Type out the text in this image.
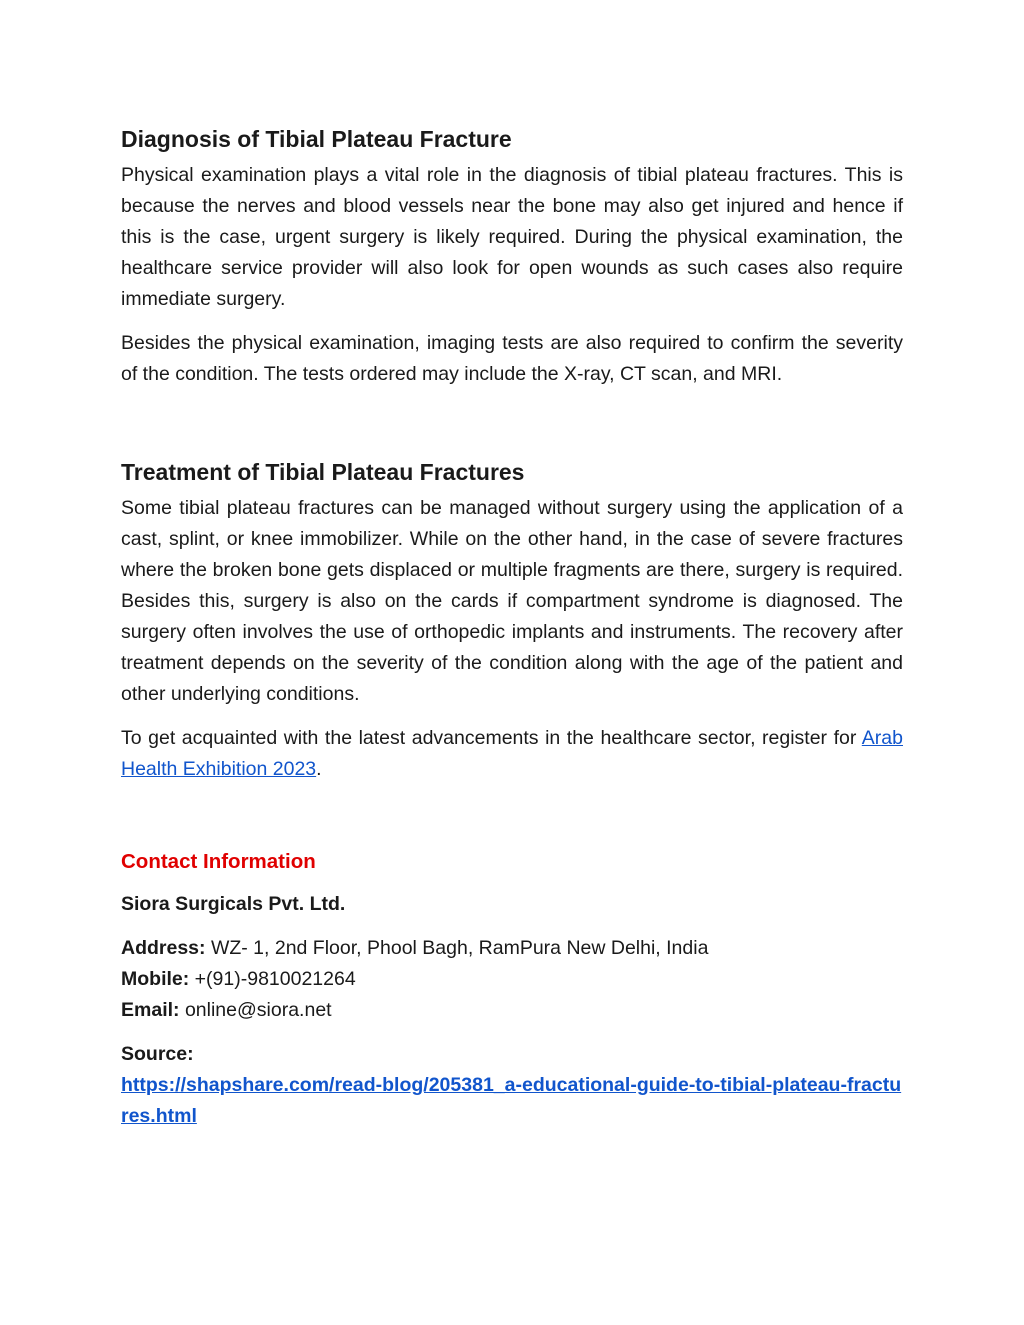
Diagnosis of Tibial Plateau Fracture

Physical examination plays a vital role in the diagnosis of tibial plateau fractures. This is because the nerves and blood vessels near the bone may also get injured and hence if this is the case, urgent surgery is likely required. During the physical examination, the healthcare service provider will also look for open wounds as such cases also require immediate surgery.

Besides the physical examination, imaging tests are also required to confirm the severity of the condition. The tests ordered may include the X-ray, CT scan, and MRI.

Treatment of Tibial Plateau Fractures

Some tibial plateau fractures can be managed without surgery using the application of a cast, splint, or knee immobilizer. While on the other hand, in the case of severe fractures where the broken bone gets displaced or multiple fragments are there, surgery is required. Besides this, surgery is also on the cards if compartment syndrome is diagnosed. The surgery often involves the use of orthopedic implants and instruments. The recovery after treatment depends on the severity of the condition along with the age of the patient and other underlying conditions.

To get acquainted with the latest advancements in the healthcare sector, register for Arab Health Exhibition 2023.

Contact Information
Siora Surgicals Pvt. Ltd.

Address: WZ- 1, 2nd Floor, Phool Bagh, RamPura New Delhi, India

Mobile: +(91)-9810021264

Email: online@siora.net

Source:

https://shapshare.com/read-blog/205381_a-educational-guide-to-tibial-plateau-fractures.html
